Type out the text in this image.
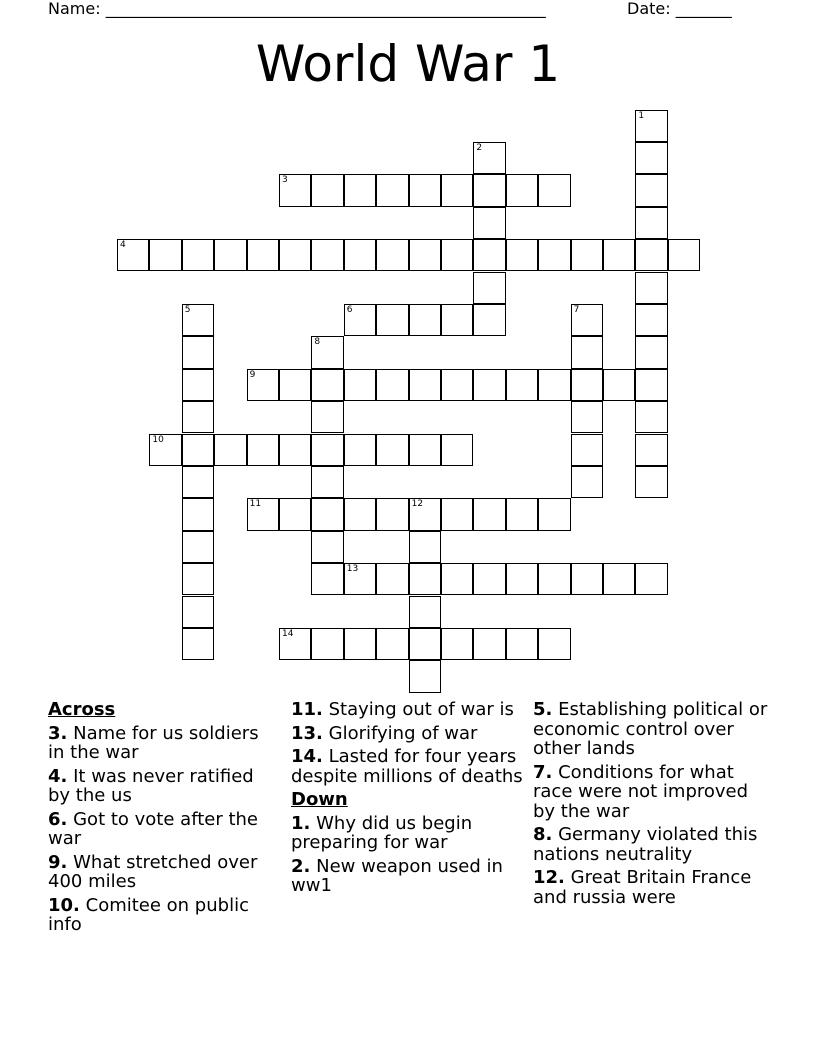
Name: _______________________________________________________	Date: _______
World War 1
1
2
3
4
5	6	7
8
9
10
11	12
13
14
Across
3. Name for us soldiers in the war
4. It was never ratified by the us
6. Got to vote after the war
9. What stretched over 400 miles
10. Comitee on public info
11. Staying out of war is
13. Glorifying of war
14. Lasted for four years despite millions of deaths
Down
1. Why did us begin preparing for war
2. New weapon used in ww1
5. Establishing political or economic control over other lands
7. Conditions for what race were not improved by the war
8. Germany violated this nations neutrality
12. Great Britain France and russia were
